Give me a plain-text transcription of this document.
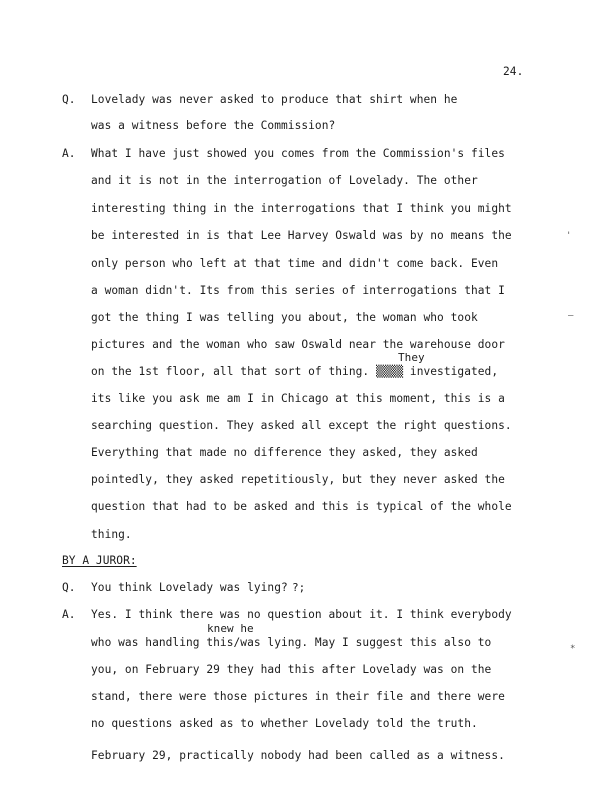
24.
Q. Lovelady was never asked to produce that shirt when he
was a witness before the Commission?
A. What I have just showed you comes from the Commission's files
and it is not in the interrogation of Lovelady. The other
interesting thing in the interrogations that I think you might
be interested in is that Lee Harvey Oswald was by no means the
only person who left at that time and didn't come back. Even
a woman didn't. Its from this series of interrogations that I
got the thing I was telling you about, the woman who took
pictures and the woman who saw Oswald near the warehouse door
They
on the 1st floor, all that sort of thing. ▒▒▒▒ investigated,
its like you ask me am I in Chicago at this moment, this is a
searching question. They asked all except the right questions.
Everything that made no difference they asked, they asked
pointedly, they asked repetitiously, but they never asked the
question that had to be asked and this is typical of the whole
thing.
BY A JUROR:
Q. You think Lovelady was lying? ?;
A. Yes. I think there was no question about it. I think everybody
knew he
who was handling this/was lying. May I suggest this also to
you, on February 29 they had this after Lovelady was on the
stand, there were those pictures in their file and there were
no questions asked as to whether Lovelady told the truth.
February 29, practically nobody had been called as a witness.
—
*
'
